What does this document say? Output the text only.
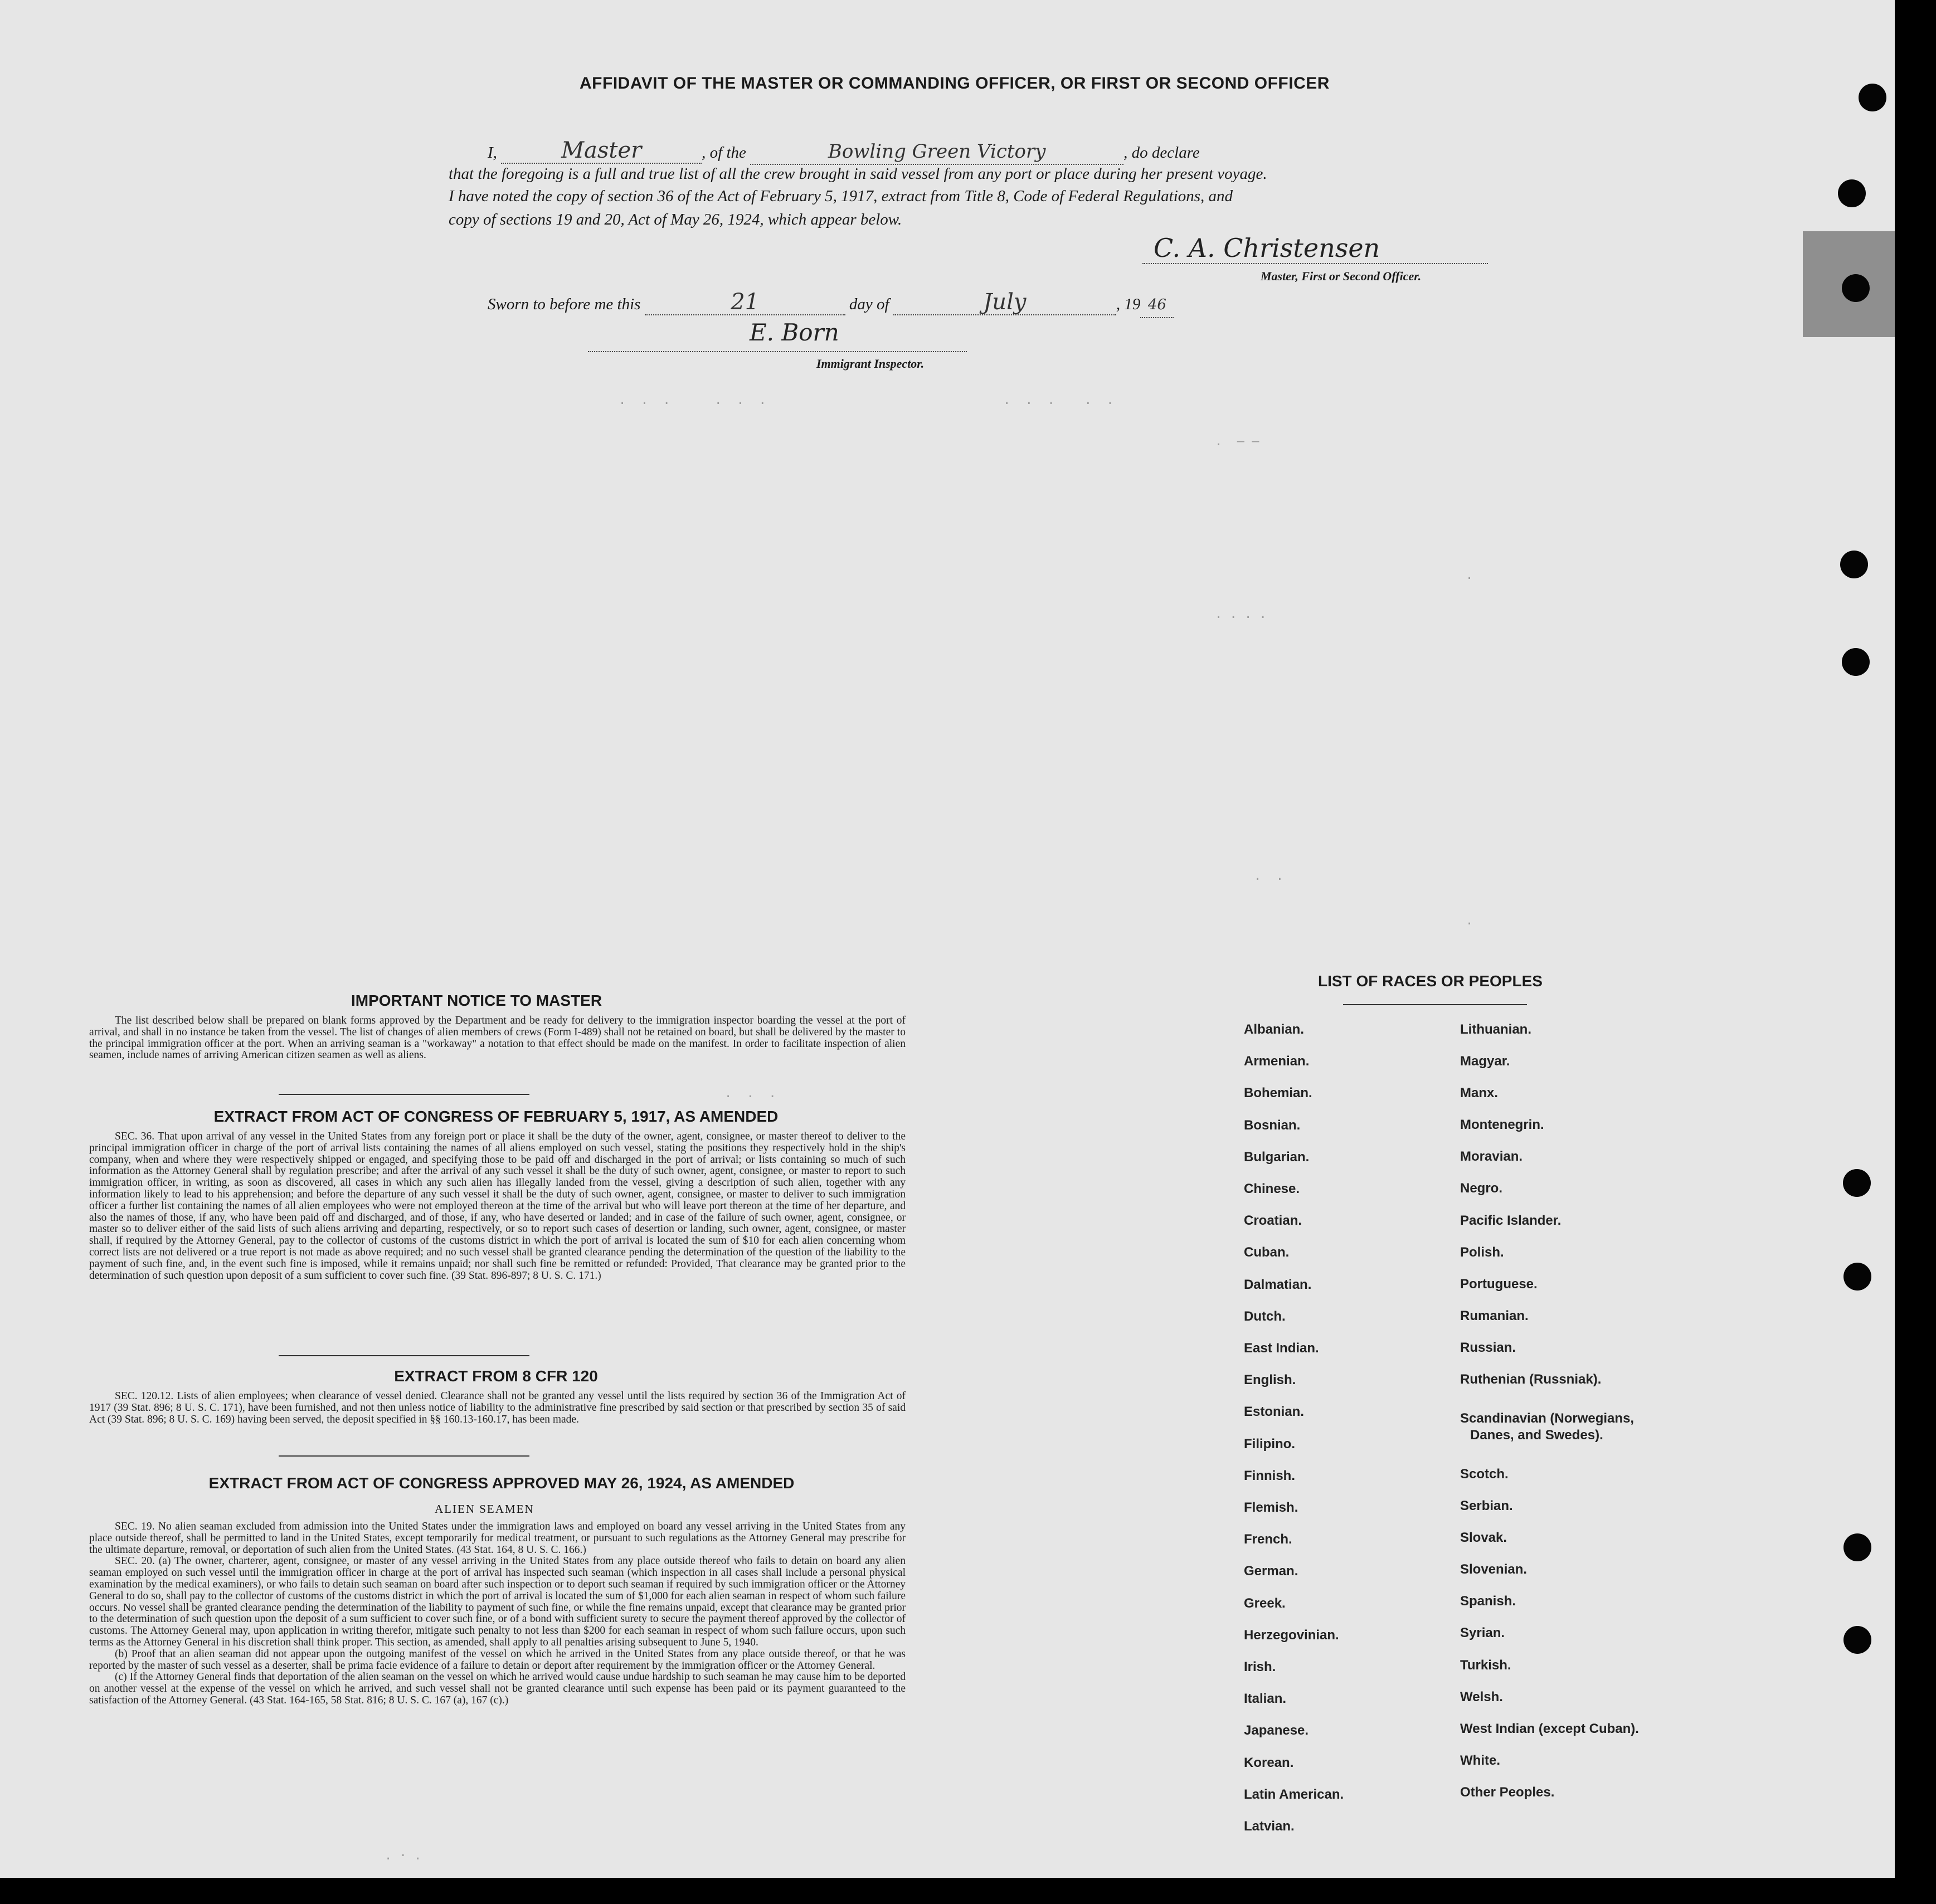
AFFIDAVIT OF THE MASTER OR COMMANDING OFFICER, OR FIRST OR SECOND OFFICER
I,	Master	, of the	Bowling Green Victory	, do declare
that the foregoing is a full and true list of all the crew brought in said vessel from any port or place during her present voyage.
I have noted the copy of section 36 of the Act of February 5, 1917, extract from Title 8, Code of Federal Regulations, and
copy of sections 19 and 20, Act of May 26, 1924, which appear below.
C. A. Christensen
Master, First or Second Officer.
Sworn to before me this	21	day of	July	, 19 46
E. Born
Immigrant Inspector.
.  .  .      .  .  .	.  .  .    .  .
.  – –
. . . .
.
.
.  .
.  .  .
. · .
IMPORTANT NOTICE TO MASTER

The list described below shall be prepared on blank forms approved by the Department and be ready for delivery to the immigration inspector boarding the vessel at the port of arrival, and shall in no instance be taken from the vessel. The list of changes of alien members of crews (Form I-489) shall not be retained on board, but shall be delivered by the master to the principal immigration officer at the port. When an arriving seaman is a "workaway" a notation to that effect should be made on the manifest. In order to facilitate inspection of alien seamen, include names of arriving American citizen seamen as well as aliens.

EXTRACT FROM ACT OF CONGRESS OF FEBRUARY 5, 1917, AS AMENDED

SEC. 36. That upon arrival of any vessel in the United States from any foreign port or place it shall be the duty of the owner, agent, consignee, or master thereof to deliver to the principal immigration officer in charge of the port of arrival lists containing the names of all aliens employed on such vessel, stating the positions they respectively hold in the ship's company, when and where they were respectively shipped or engaged, and specifying those to be paid off and discharged in the port of arrival; or lists containing so much of such information as the Attorney General shall by regulation prescribe; and after the arrival of any such vessel it shall be the duty of such owner, agent, consignee, or master to report to such immigration officer, in writing, as soon as discovered, all cases in which any such alien has illegally landed from the vessel, giving a description of such alien, together with any information likely to lead to his apprehension; and before the departure of any such vessel it shall be the duty of such owner, agent, consignee, or master to deliver to such immigration officer a further list containing the names of all alien employees who were not employed thereon at the time of the arrival but who will leave port thereon at the time of her departure, and also the names of those, if any, who have been paid off and discharged, and of those, if any, who have deserted or landed; and in case of the failure of such owner, agent, consignee, or master so to deliver either of the said lists of such aliens arriving and departing, respectively, or so to report such cases of desertion or landing, such owner, agent, consignee, or master shall, if required by the Attorney General, pay to the collector of customs of the customs district in which the port of arrival is located the sum of $10 for each alien concerning whom correct lists are not delivered or a true report is not made as above required; and no such vessel shall be granted clearance pending the determination of the question of the liability to the payment of such fine, and, in the event such fine is imposed, while it remains unpaid; nor shall such fine be remitted or refunded: Provided, That clearance may be granted prior to the determination of such question upon deposit of a sum sufficient to cover such fine. (39 Stat. 896-897; 8 U. S. C. 171.)

EXTRACT FROM 8 CFR 120

SEC. 120.12. Lists of alien employees; when clearance of vessel denied. Clearance shall not be granted any vessel until the lists required by section 36 of the Immigration Act of 1917 (39 Stat. 896; 8 U. S. C. 171), have been furnished, and not then unless notice of liability to the administrative fine prescribed by said section or that prescribed by section 35 of said Act (39 Stat. 896; 8 U. S. C. 169) having been served, the deposit specified in §§ 160.13-160.17, has been made.

EXTRACT FROM ACT OF CONGRESS APPROVED MAY 26, 1924, AS AMENDED
ALIEN SEAMEN

SEC. 19. No alien seaman excluded from admission into the United States under the immigration laws and employed on board any vessel arriving in the United States from any place outside thereof, shall be permitted to land in the United States, except temporarily for medical treatment, or pursuant to such regulations as the Attorney General may prescribe for the ultimate departure, removal, or deportation of such alien from the United States. (43 Stat. 164, 8 U. S. C. 166.)

SEC. 20. (a) The owner, charterer, agent, consignee, or master of any vessel arriving in the United States from any place outside thereof who fails to detain on board any alien seaman employed on such vessel until the immigration officer in charge at the port of arrival has inspected such seaman (which inspection in all cases shall include a personal physical examination by the medical examiners), or who fails to detain such seaman on board after such inspection or to deport such seaman if required by such immigration officer or the Attorney General to do so, shall pay to the collector of customs of the customs district in which the port of arrival is located the sum of $1,000 for each alien seaman in respect of whom such failure occurs. No vessel shall be granted clearance pending the determination of the liability to payment of such fine, or while the fine remains unpaid, except that clearance may be granted prior to the determination of such question upon the deposit of a sum sufficient to cover such fine, or of a bond with sufficient surety to secure the payment thereof approved by the collector of customs. The Attorney General may, upon application in writing therefor, mitigate such penalty to not less than $200 for each seaman in respect of whom such failure occurs, upon such terms as the Attorney General in his discretion shall think proper. This section, as amended, shall apply to all penalties arising subsequent to June 5, 1940.

(b) Proof that an alien seaman did not appear upon the outgoing manifest of the vessel on which he arrived in the United States from any place outside thereof, or that he was reported by the master of such vessel as a deserter, shall be prima facie evidence of a failure to detain or deport after requirement by the immigration officer or the Attorney General.

(c) If the Attorney General finds that deportation of the alien seaman on the vessel on which he arrived would cause undue hardship to such seaman he may cause him to be deported on another vessel at the expense of the vessel on which he arrived, and such vessel shall not be granted clearance until such expense has been paid or its payment guaranteed to the satisfaction of the Attorney General. (43 Stat. 164-165, 58 Stat. 816; 8 U. S. C. 167 (a), 167 (c).)

LIST OF RACES OR PEOPLES
Albanian.
Armenian.
Bohemian.
Bosnian.
Bulgarian.
Chinese.
Croatian.
Cuban.
Dalmatian.
Dutch.
East Indian.
English.
Estonian.
Filipino.
Finnish.
Flemish.
French.
German.
Greek.
Herzegovinian.
Irish.
Italian.
Japanese.
Korean.
Latin American.
Latvian.
Lithuanian.
Magyar.
Manx.
Montenegrin.
Moravian.
Negro.
Pacific Islander.
Polish.
Portuguese.
Rumanian.
Russian.
Ruthenian (Russniak).
Scandinavian (Norwegians,
Danes, and Swedes).
Scotch.
Serbian.
Slovak.
Slovenian.
Spanish.
Syrian.
Turkish.
Welsh.
West Indian (except Cuban).
White.
Other Peoples.
